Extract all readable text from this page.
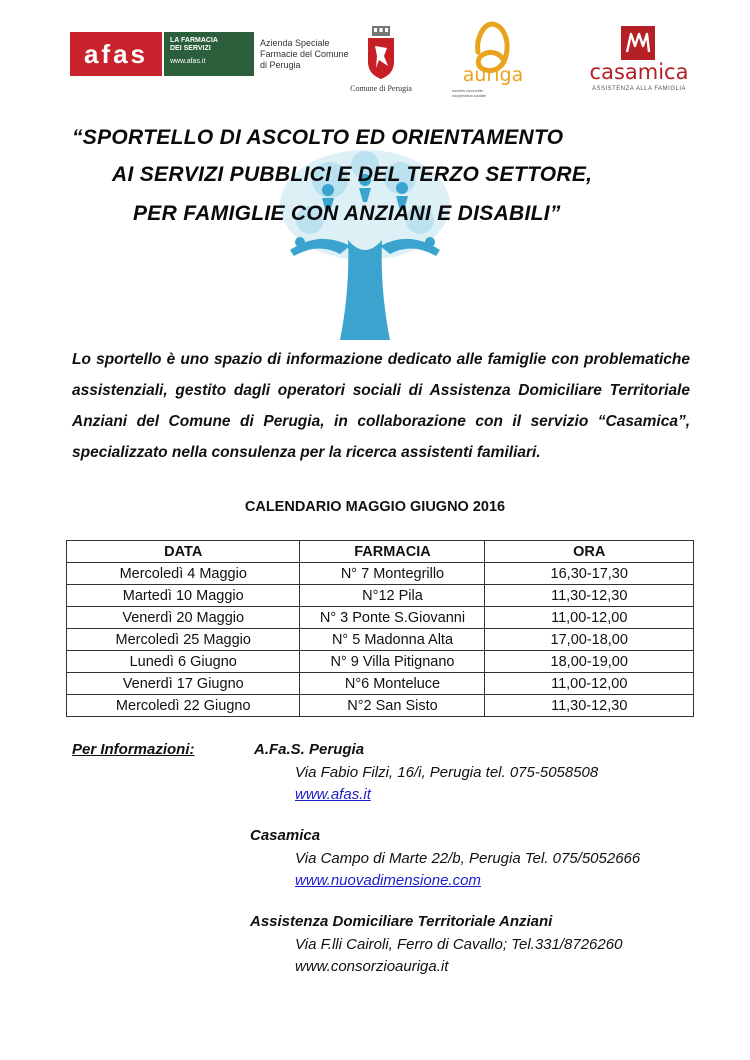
afas	LA FARMACIA
DEI SERVIZI
www.afas.it
Azienda Speciale
Farmacie del Comune
di Perugia
Comune di Perugia
auriga
società consortile
cooperativa sociale
casamica
ASSISTENZA ALLA FAMIGLIA
“SPORTELLO DI ASCOLTO ED ORIENTAMENTO
AI SERVIZI PUBBLICI E DEL TERZO SETTORE,
PER FAMIGLIE CON ANZIANI E DISABILI”
Lo sportello è uno spazio di informazione dedicato alle famiglie con problematiche assistenziali, gestito dagli operatori sociali di Assistenza Domiciliare Territoriale Anziani del Comune di Perugia, in collaborazione con il servizio “Casamica”, specializzato nella consulenza per la ricerca assistenti familiari.
CALENDARIO MAGGIO GIUGNO 2016
DATA	FARMACIA	ORA
Mercoledì 4 Maggio	N° 7 Montegrillo	16,30-17,30
Martedì 10 Maggio	N°12 Pila	11,30-12,30
Venerdì 20 Maggio	N° 3 Ponte S.Giovanni	11,00-12,00
Mercoledì 25 Maggio	N° 5 Madonna Alta	17,00-18,00
Lunedì 6 Giugno	N° 9 Villa Pitignano	18,00-19,00
Venerdì 17 Giugno	N°6 Monteluce	11,00-12,00
Mercoledì 22 Giugno	N°2 San Sisto	11,30-12,30
Per Informazioni:	A.Fa.S. Perugia
Via Fabio Filzi, 16/i, Perugia tel. 075-5058508
www.afas.it
Casamica
Via Campo di Marte 22/b, Perugia Tel. 075/5052666
www.nuovadimensione.com
Assistenza Domiciliare Territoriale Anziani
Via F.lli Cairoli, Ferro di Cavallo; Tel.331/8726260
www.consorzioauriga.it
